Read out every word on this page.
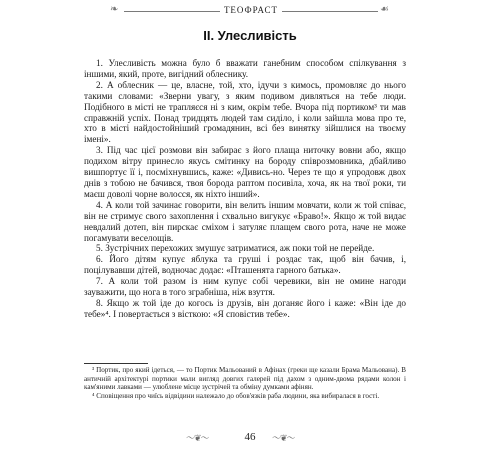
❧	ТЕОФРАСТ	☙
II. Улесливість

1. Улесливість можна було б вважати ганебним способом спілкування з іншими, який, проте, вигідний облеснику.

2. А облесник — це, власне, той, хто, ідучи з кимось, промовляє до нього такими словами: «Зверни увагу, з яким подивом дивляться на тебе люди. Подібного в місті не трапляєся ні з ким, окрім тебе. Вчора під портиком³ ти мав справжній успіх. Понад тридцять людей там сиділо, і коли зайшла мова про те, хто в місті найдостойніший громадянин, всі без винятку зійшлися на твоєму імені».

3. Під час цієї розмови він забирає з його плаща ниточку вовни або, якщо подихом вітру принесло якусь смітинку на бороду співрозмовника, дбайливо вишпортує її і, посміхнувшись, каже: «Дивись-но. Через те що я упродовж двох днів з тобою не бачився, твоя борода раптом посивіла, хоча, як на твої роки, ти маєш доволі чорне волосся, як ніхто інший».

4. А коли той зачинає говорити, він велить іншим мовчати, коли ж той співає, він не стримує свого захоплення і схвально вигукує «Браво!». Якщо ж той видає невдалий дотеп, він пирскає сміхом і затуляє плащем свого рота, наче не може погамувати веселощів.

5. Зустрічних перехожих змушує затриматися, аж поки той не перейде.

6. Його дітям купує яблука та груші і роздає так, щоб він бачив, і, поцілувавши дітей, водночас додає: «Пташенята гарного батька».

7. А коли той разом із ним купує собі черевики, він не омине нагоди зауважити, що нога в того зграбніша, ніж взуття.

8. Якщо ж той іде до когось із друзів, він доганяє його і каже: «Він іде до тебе»⁴. І повертається з вісткою: «Я сповістив тебе».

³ Портик, про який ідеться, — то Портик Мальований в Афінах (греки ще казали Брама Мальована). В античній архітектурі портики мали вигляд довгих галерей під дахом з одним-двома рядами колон і кам'яними лавками — улюблене місце зустрічей та обміну думками афінян.

⁴ Сповіщення про чиїсь відвідини належало до обов'язків раба людини, яка вибиралася в гості.

〜❦〜	46	〜❦〜
